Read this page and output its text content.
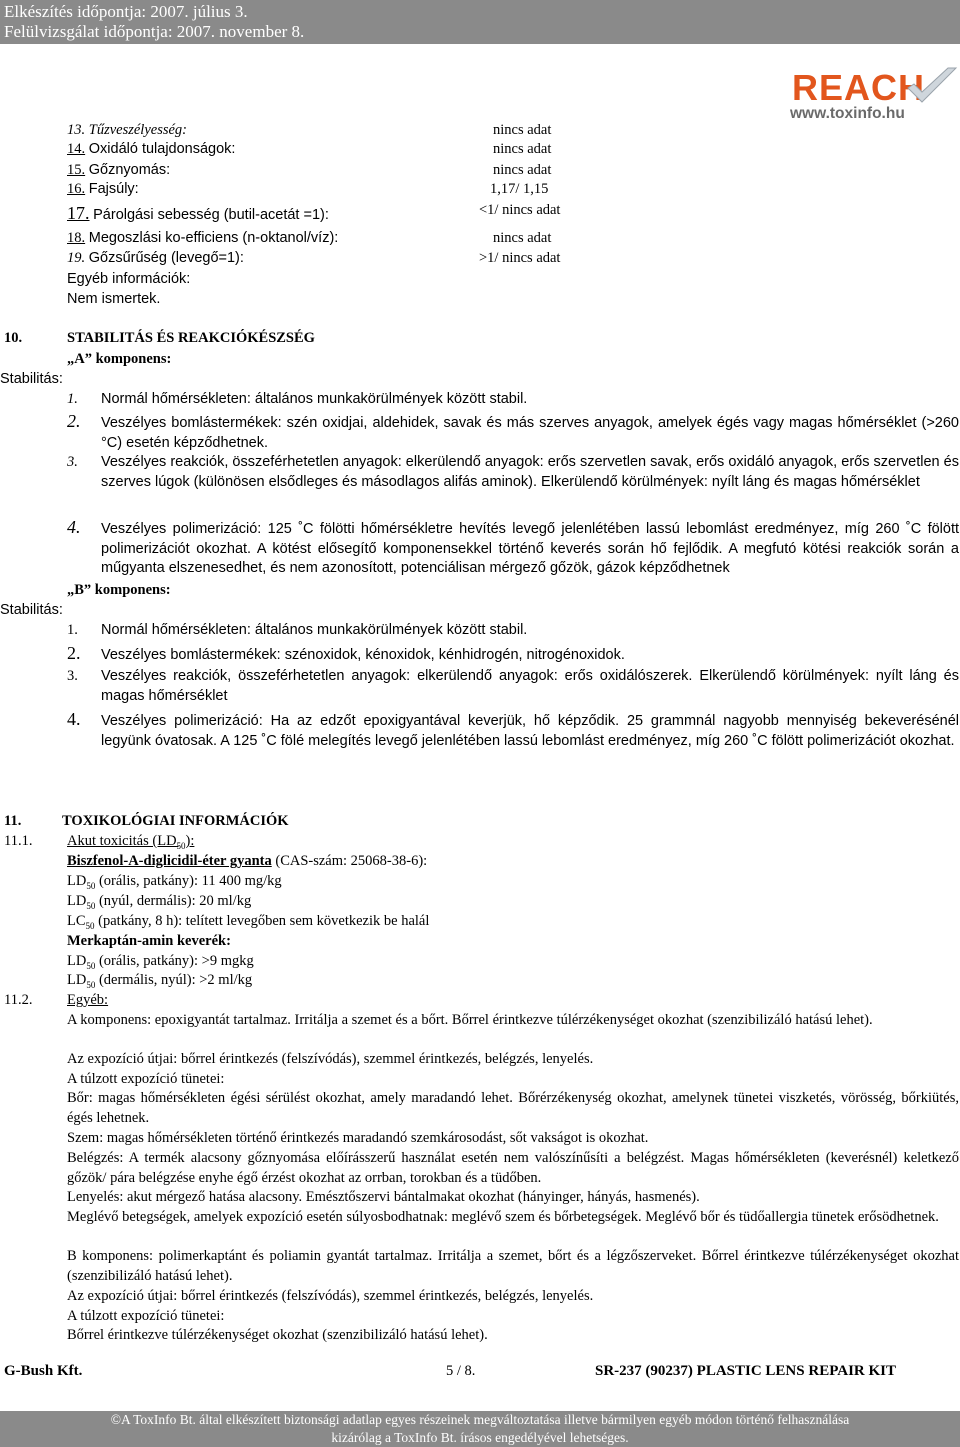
Elkészítés időpontja: 2007. július 3.
Felülvizsgálat időpontja: 2007. november 8.
REACH
www.toxinfo.hu
13. Tűzveszélyesség:	nincs adat
14. Oxidáló tulajdonságok:	nincs adat
15. Gőznyomás:	nincs adat
16. Fajsúly:	1,17/ 1,15
17. Párolgási sebesség (butil-acetát =1):	<1/ nincs adat
18. Megoszlási ko-efficiens (n-oktanol/víz):	nincs adat
19. Gőzsűrűség (levegő=1):	>1/ nincs adat
Egyéb információk:
Nem ismertek.
10.	STABILITÁS ÉS REAKCIÓKÉSZSÉG
„A” komponens:
Stabilitás:
1. Normál hőmérsékleten: általános munkakörülmények között stabil.
2. Veszélyes bomlástermékek: szén oxidjai, aldehidek, savak és más szerves anyagok, amelyek égés vagy magas hőmérséklet (>260 °C) esetén képződhetnek.
3. Veszélyes reakciók, összeférhetetlen anyagok: elkerülendő anyagok: erős szervetlen savak, erős oxidáló anyagok, erős szervetlen és szerves lúgok (különösen elsődleges és másodlagos alifás aminok). Elkerülendő körülmények: nyílt láng és magas hőmérséklet
4. Veszélyes polimerizáció: 125 ˚C fölötti hőmérsékletre hevítés levegő jelenlétében lassú lebomlást eredményez, míg 260 ˚C fölött polimerizációt okozhat. A kötést elősegítő komponensekkel történő keverés során hő fejlődik. A megfutó kötési reakciók során a műgyanta elszenesedhet, és nem azonosított, potenciálisan mérgező gőzök, gázok képződhetnek
„B” komponens:
Stabilitás:
1. Normál hőmérsékleten: általános munkakörülmények között stabil.
2. Veszélyes bomlástermékek: szénoxidok, kénoxidok, kénhidrogén, nitrogénoxidok.
3. Veszélyes reakciók, összeférhetetlen anyagok: elkerülendő anyagok: erős oxidálószerek. Elkerülendő körülmények: nyílt láng és magas hőmérséklet
4. Veszélyes polimerizáció: Ha az edzőt epoxigyantával keverjük, hő képződik. 25 grammnál nagyobb mennyiség bekeverésénél legyünk óvatosak. A 125 ˚C fölé melegítés levegő jelenlétében lassú lebomlást eredményez, míg 260 ˚C fölött polimerizációt okozhat.
11.	TOXIKOLÓGIAI INFORMÁCIÓK
11.1. Akut toxicitás $(LD_{50})$:
Biszfenol-A-diglicidil-éter gyanta (CAS-szám: 25068-38-6):
$LD_{50}$ (orális, patkány): 11 400 mg/kg
$LD_{50}$ (nyúl, dermális): 20 ml/kg
$LC_{50}$ (patkány, 8 h): telített levegőben sem következik be halál
Merkaptán-amin keverék:
$LD_{50}$ (orális, patkány): >9 mgkg
$LD_{50}$ (dermális, nyúl): >2 ml/kg
11.2. Egyéb:
A komponens: epoxigyantát tartalmaz. Irritálja a szemet és a bőrt. Bőrrel érintkezve túlérzékenységet okozhat (szenzibilizáló hatású lehet).
Az expozíció útjai: bőrrel érintkezés (felszívódás), szemmel érintkezés, belégzés, lenyelés.
A túlzott expozíció tünetei:
Bőr: magas hőmérsékleten égési sérülést okozhat, amely maradandó lehet. Bőrérzékenység okozhat, amelynek tünetei viszketés, vörösség, bőrkiütés, égés lehetnek.
Szem: magas hőmérsékleten történő érintkezés maradandó szemkárosodást, sőt vakságot is okozhat.
Belégzés: A termék alacsony gőznyomása előírásszerű használat esetén nem valószínűsíti a belégzést. Magas hőmérsékleten (keverésnél) keletkező gőzök/ pára belégzése enyhe égő érzést okozhat az orrban, torokban és a tüdőben.
Lenyelés: akut mérgező hatása alacsony. Emésztőszervi bántalmakat okozhat (hányinger, hányás, hasmenés).
Meglévő betegségek, amelyek expozíció esetén súlyosbodhatnak: meglévő szem és bőrbetegségek. Meglévő bőr és tüdőallergia tünetek erősödhetnek.
B komponens: polimerkaptánt és poliamin gyantát tartalmaz. Irritálja a szemet, bőrt és a légzőszerveket. Bőrrel érintkezve túlérzékenységet okozhat (szenzibilizáló hatású lehet).
Az expozíció útjai: bőrrel érintkezés (felszívódás), szemmel érintkezés, belégzés, lenyelés.
A túlzott expozíció tünetei:
Bőrrel érintkezve túlérzékenységet okozhat (szenzibilizáló hatású lehet).
G-Bush Kft.	5 / 8.	SR-237 (90237) PLASTIC LENS REPAIR KIT
©A ToxInfo Bt. által elkészített biztonsági adatlap egyes részeinek megváltoztatása illetve bármilyen egyéb módon történő felhasználása
kizárólag a ToxInfo Bt. írásos engedélyével lehetséges.
